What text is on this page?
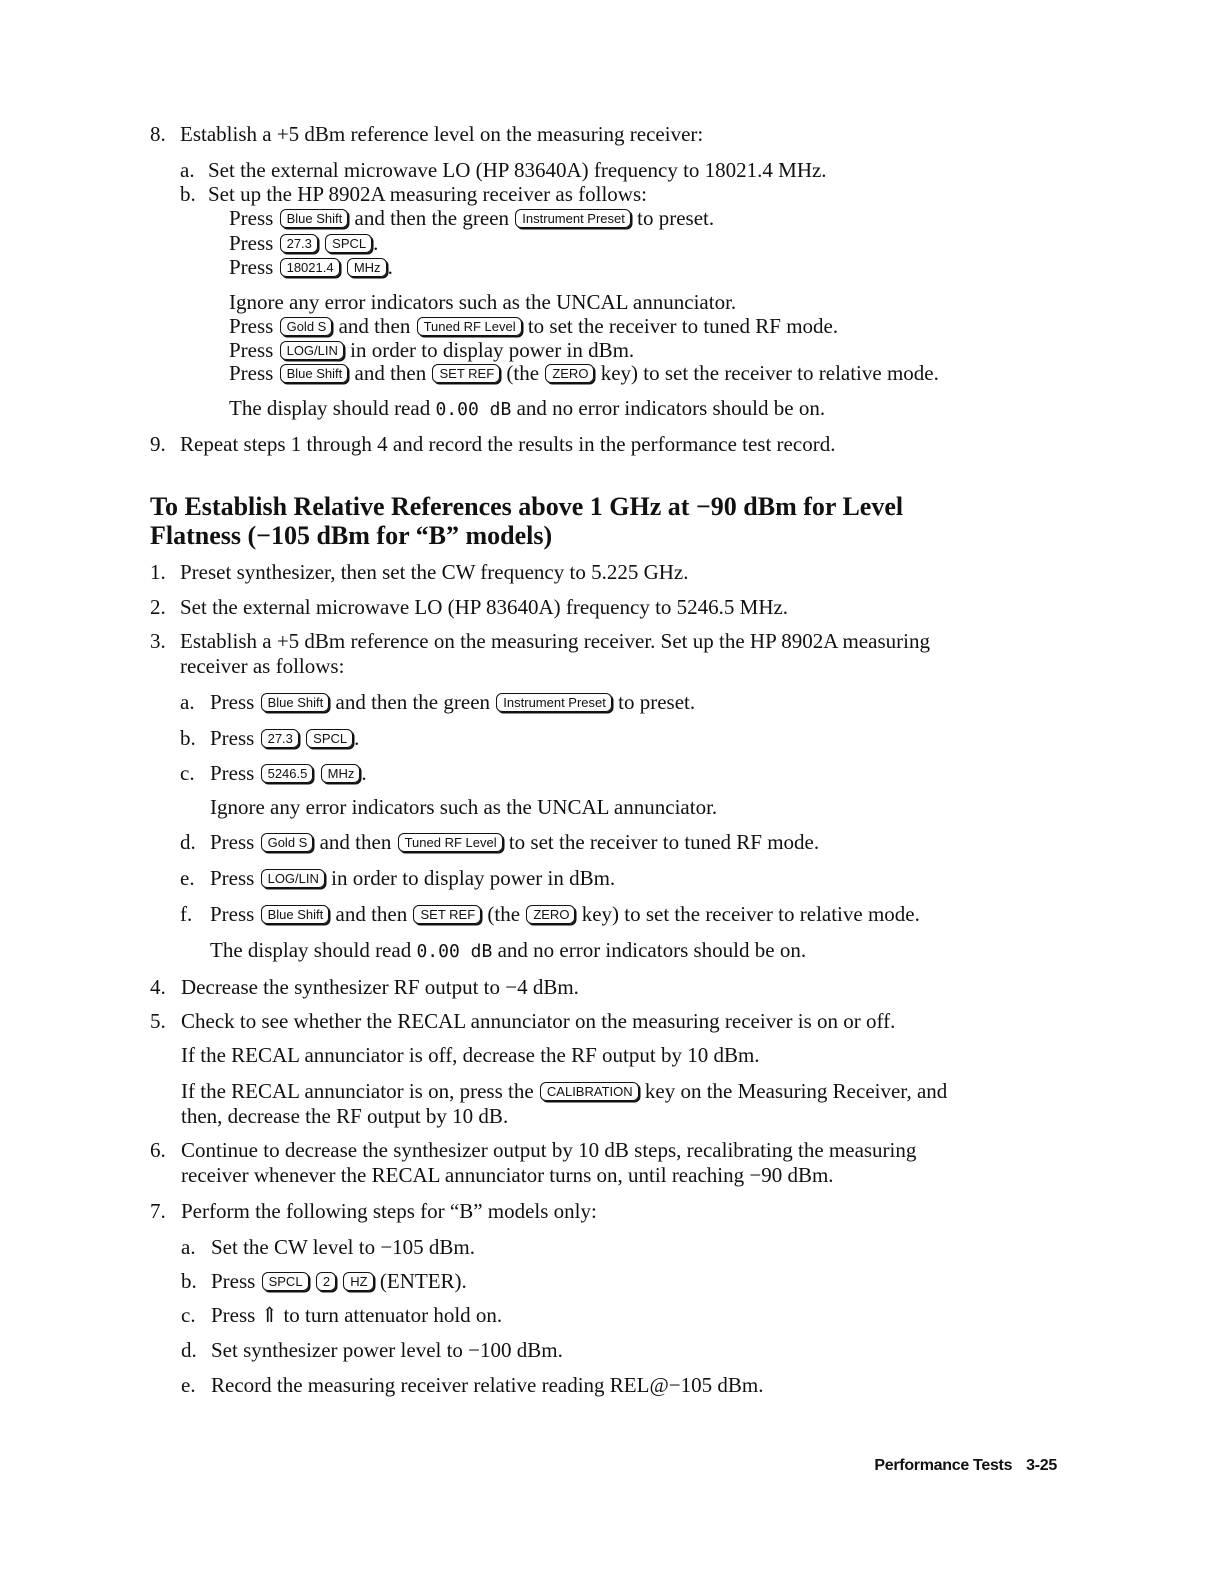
8. Establish a +5 dBm reference level on the measuring receiver:
a. Set the external microwave LO (HP 83640A) frequency to 18021.4 MHz.
b. Set up the HP 8902A measuring receiver as follows:
Press Blue Shift and then the green Instrument Preset to preset.
Press 27.3 SPCL .
Press 18021.4 MHz .
Ignore any error indicators such as the UNCAL annunciator.
Press Gold S and then Tuned RF Level to set the receiver to tuned RF mode.
Press LOG/LIN in order to display power in dBm.
Press Blue Shift and then SET REF (the ZERO key) to set the receiver to relative mode.
The display should read 0.00 dB and no error indicators should be on.
9. Repeat steps 1 through 4 and record the results in the performance test record.
To Establish Relative References above 1 GHz at −90 dBm for Level
Flatness (−105 dBm for “B” models)
1. Preset synthesizer, then set the CW frequency to 5.225 GHz.
2. Set the external microwave LO (HP 83640A) frequency to 5246.5 MHz.
3. Establish a +5 dBm reference on the measuring receiver. Set up the HP 8902A measuring
receiver as follows:
a. Press Blue Shift and then the green Instrument Preset to preset.
b. Press 27.3 SPCL .
c. Press 5246.5 MHz .
Ignore any error indicators such as the UNCAL annunciator.
d. Press Gold S and then Tuned RF Level to set the receiver to tuned RF mode.
e. Press LOG/LIN in order to display power in dBm.
f. Press Blue Shift and then SET REF (the ZERO key) to set the receiver to relative mode.
The display should read 0.00 dB and no error indicators should be on.
4. Decrease the synthesizer RF output to −4 dBm.
5. Check to see whether the RECAL annunciator on the measuring receiver is on or off.
If the RECAL annunciator is off, decrease the RF output by 10 dBm.
If the RECAL annunciator is on, press the CALIBRATION key on the Measuring Receiver, and
then, decrease the RF output by 10 dB.
6. Continue to decrease the synthesizer output by 10 dB steps, recalibrating the measuring
receiver whenever the RECAL annunciator turns on, until reaching −90 dBm.
7. Perform the following steps for “B” models only:
a. Set the CW level to −105 dBm.
b. Press SPCL 2 HZ (ENTER).
c. Press ⇑ to turn attenuator hold on.
d. Set synthesizer power level to −100 dBm.
e. Record the measuring receiver relative reading REL@−105 dBm.
Performance Tests 3-25
